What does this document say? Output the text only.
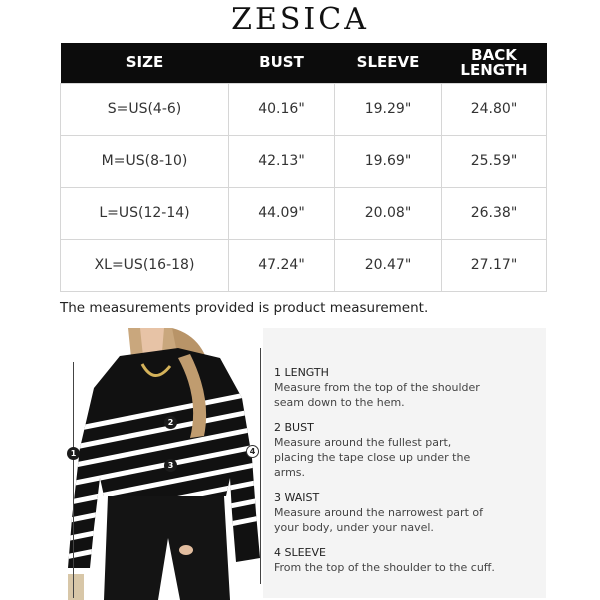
ZESICA
SIZE	BUST	SLEEVE	BACK LENGTH
S=US(4-6)	40.16"	19.29"	24.80"
M=US(8-10)	42.13"	19.69"	25.59"
L=US(12-14)	44.09"	20.08"	26.38"
XL=US(16-18)	47.24"	20.47"	27.17"
The measurements provided is product measurement.
1
2
3
4
1 LENGTH
Measure from the top of the shoulder seam down to the hem.
2 BUST
Measure around the fullest part, placing the tape close up under the arms.
3 WAIST
Measure around the narrowest part of your body, under your navel.
4 SLEEVE
From the top of the shoulder to the cuff.
